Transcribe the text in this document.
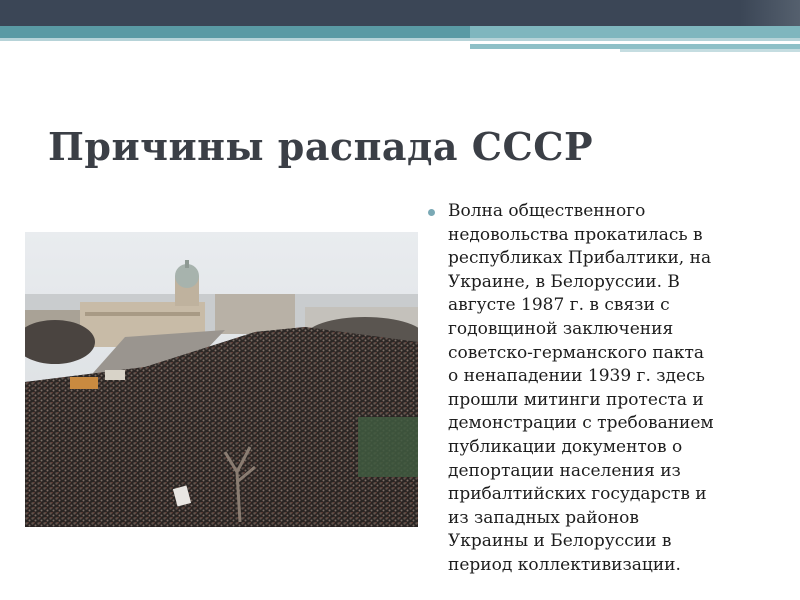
Причины распада СССР
Волна общественного
недовольства прокатилась в
республиках Прибалтики, на
Украине, в Белоруссии. В
августе 1987 г. в связи с
годовщиной заключения
советско-германского пакта
о ненападении 1939 г. здесь
прошли митинги протеста и
демонстрации с требованием
публикации документов о
депортации населения из
прибалтийских государств и
из западных районов
Украины и Белоруссии в
период коллективизации.
